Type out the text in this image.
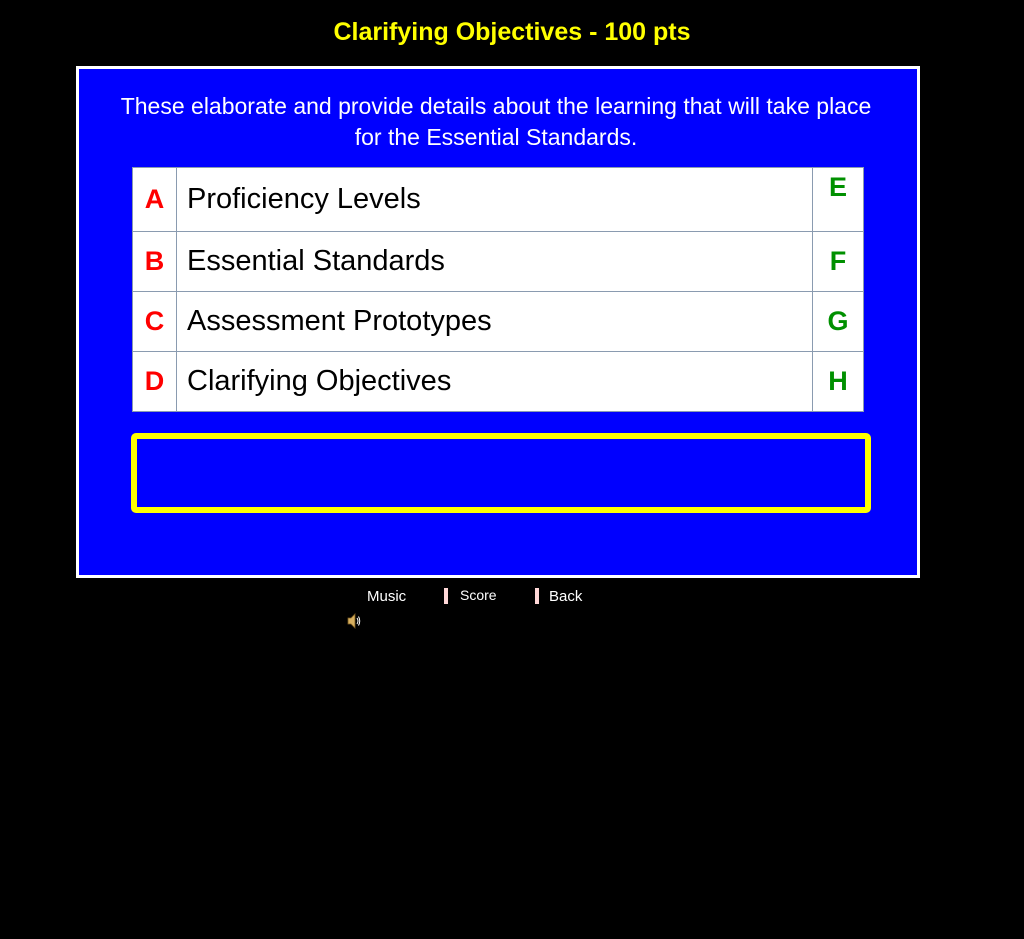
Clarifying Objectives - 100 pts
These elaborate and provide details about the learning that will take place for the Essential Standards.
A	Proficiency Levels	E
B	Essential Standards	F
C	Assessment Prototypes	G
D	Clarifying Objectives	H
Music	Score	Back
